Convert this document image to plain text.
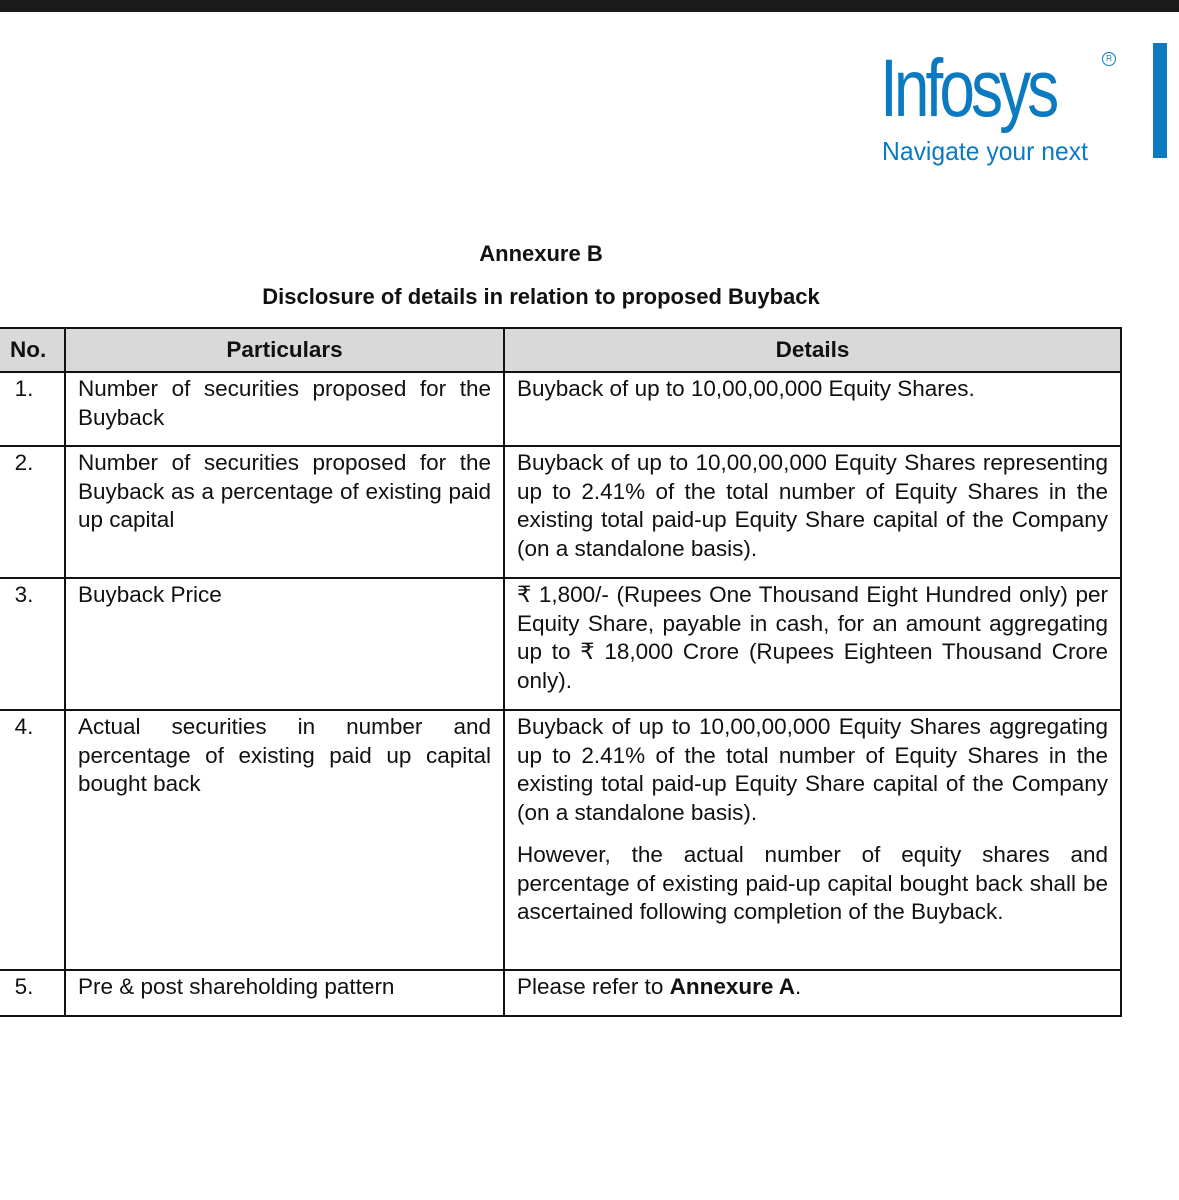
Infosys	R
Navigate your next
Annexure B
Disclosure of details in relation to proposed Buyback
No.	Particulars	Details
1.	Number of securities proposed for the Buyback	Buyback of up to 10,00,00,000 Equity Shares.

2.	Number of securities proposed for the Buyback as a percentage of existing paid up capital	Buyback of up to 10,00,00,000 Equity Shares representing up to 2.41% of the total number of Equity Shares in the existing total paid-up Equity Share capital of the Company (on a standalone basis).

3.	Buyback Price	₹ 1,800/- (Rupees One Thousand Eight Hundred only) per Equity Share, payable in cash, for an amount aggregating up to ₹ 18,000 Crore (Rupees Eighteen Thousand Crore only).

4.	Actual securities in number and percentage of existing paid up capital bought back	Buyback of up to 10,00,00,000 Equity Shares aggregating up to 2.41% of the total number of Equity Shares in the existing total paid-up Equity Share capital of the Company (on a standalone basis).

However, the actual number of equity shares and percentage of existing paid-up capital bought back shall be ascertained following completion of the Buyback.

5.	Pre & post shareholding pattern	Please refer to Annexure A.
